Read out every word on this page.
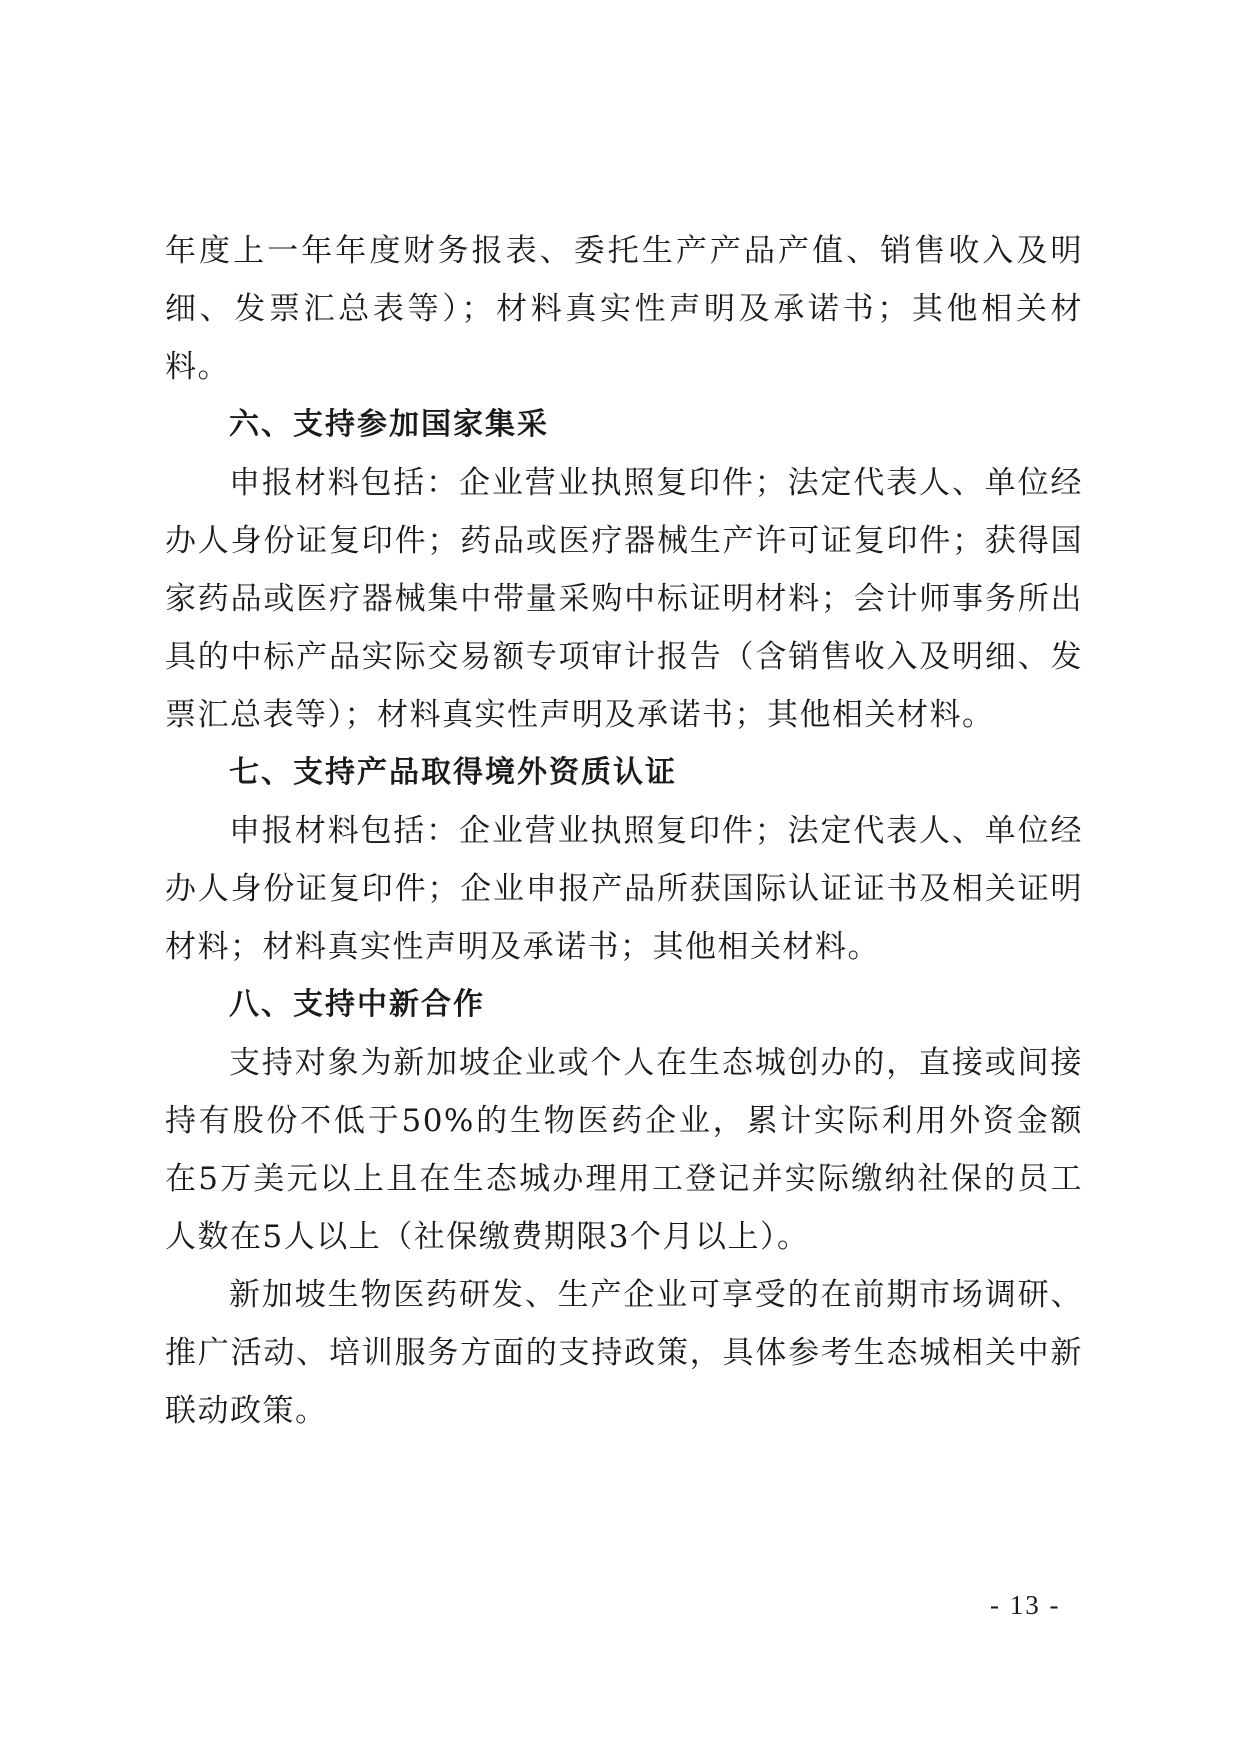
年度上一年年度财务报表、委托生产产品产值、销售收入及明细、发票汇总表等）；材料真实性声明及承诺书；其他相关材料。

六、支持参加国家集采

申报材料包括：企业营业执照复印件；法定代表人、单位经办人身份证复印件；药品或医疗器械生产许可证复印件；获得国家药品或医疗器械集中带量采购中标证明材料；会计师事务所出具的中标产品实际交易额专项审计报告（含销售收入及明细、发票汇总表等）；材料真实性声明及承诺书；其他相关材料。

七、支持产品取得境外资质认证

申报材料包括：企业营业执照复印件；法定代表人、单位经办人身份证复印件；企业申报产品所获国际认证证书及相关证明材料；材料真实性声明及承诺书；其他相关材料。

八、支持中新合作

支持对象为新加坡企业或个人在生态城创办的，直接或间接持有股份不低于50%的生物医药企业，累计实际利用外资金额在5万美元以上且在生态城办理用工登记并实际缴纳社保的员工人数在5人以上（社保缴费期限3个月以上）。

新加坡生物医药研发、生产企业可享受的在前期市场调研、推广活动、培训服务方面的支持政策，具体参考生态城相关中新联动政策。

- 13 -
